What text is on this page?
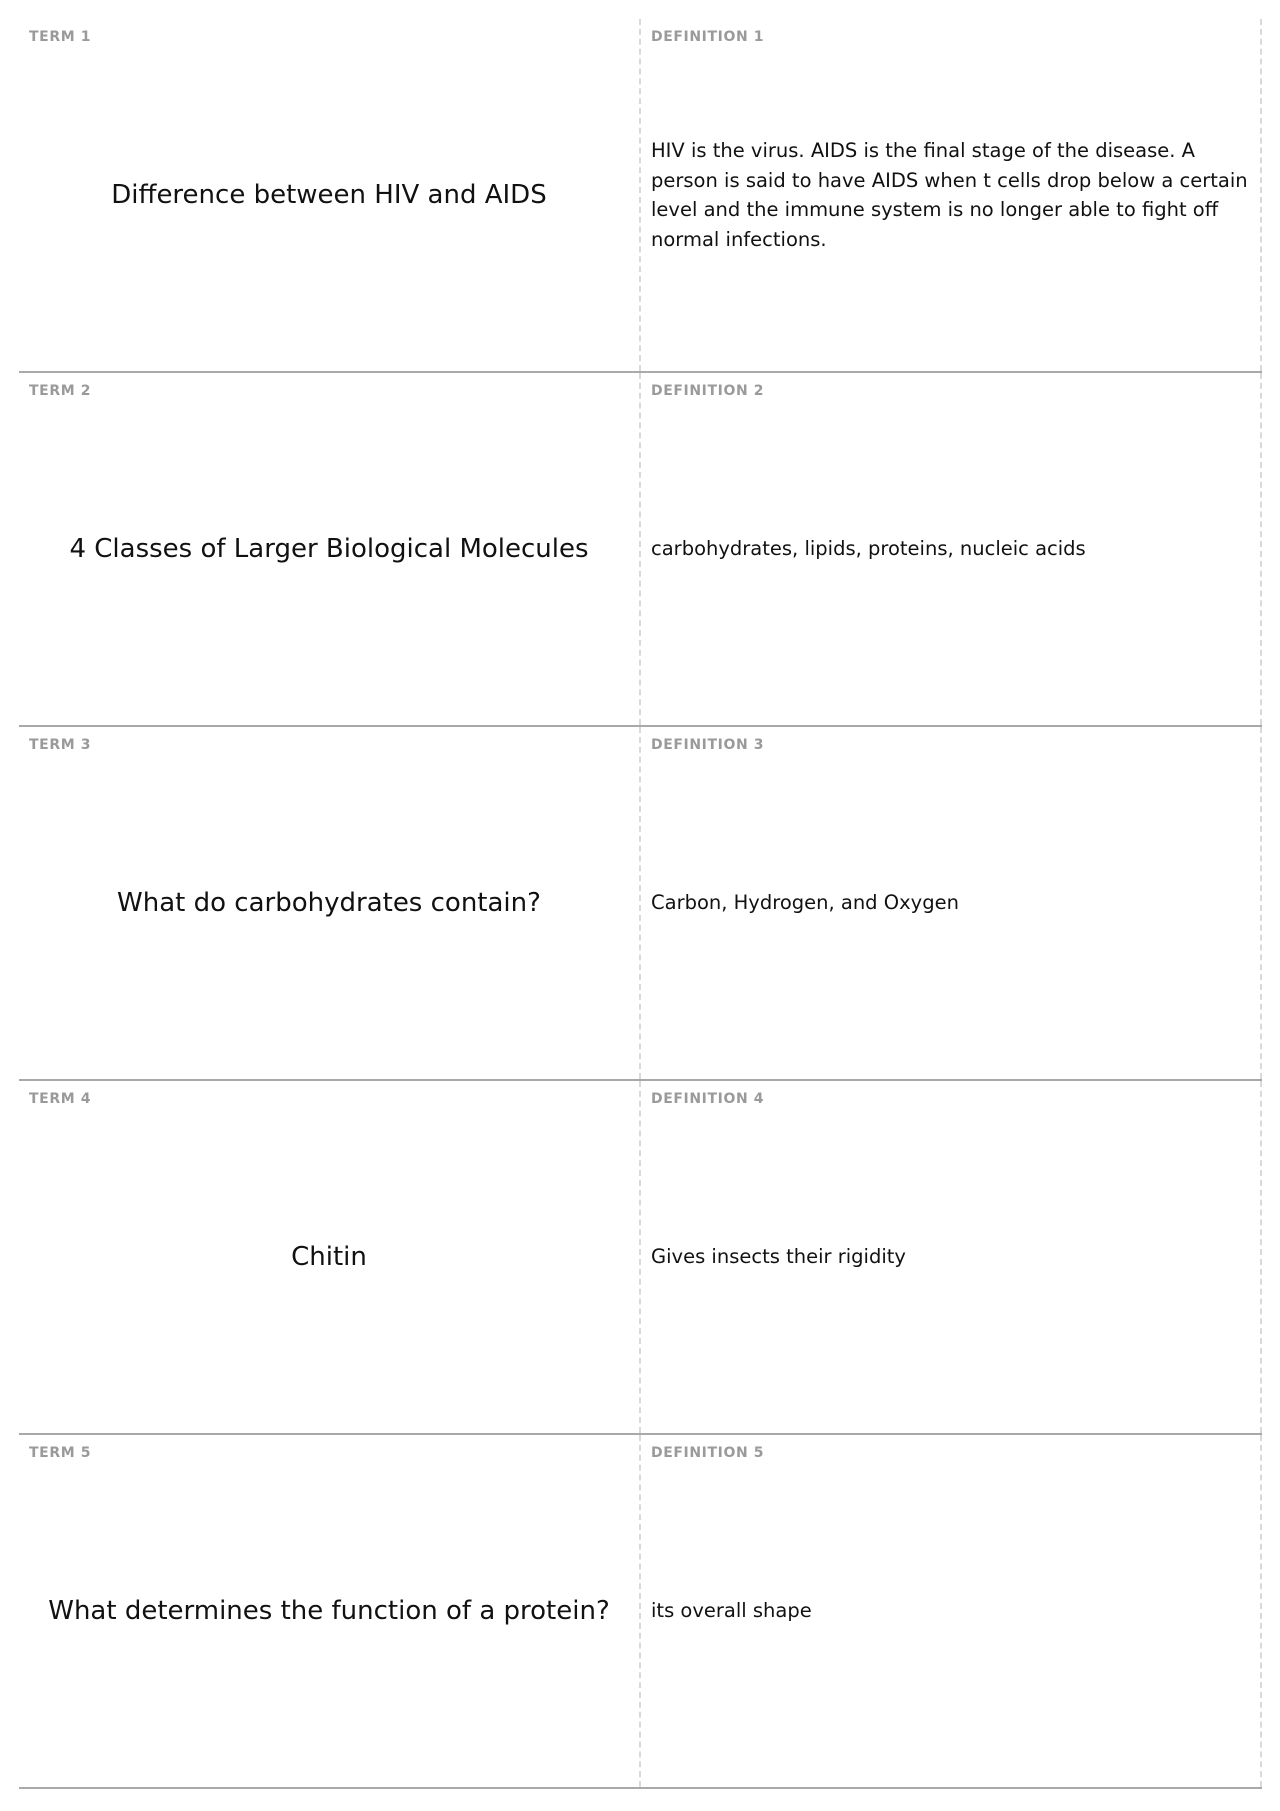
TERM 1
Difference between HIV and AIDS
DEFINITION 1
HIV is the virus. AIDS is the final stage of the disease. A person is said to have AIDS when t cells drop below a certain level and the immune system is no longer able to fight off normal infections.
TERM 2
4 Classes of Larger Biological Molecules
DEFINITION 2
carbohydrates, lipids, proteins, nucleic acids
TERM 3
What do carbohydrates contain?
DEFINITION 3
Carbon, Hydrogen, and Oxygen
TERM 4
Chitin
DEFINITION 4
Gives insects their rigidity
TERM 5
What determines the function of a protein?
DEFINITION 5
its overall shape
